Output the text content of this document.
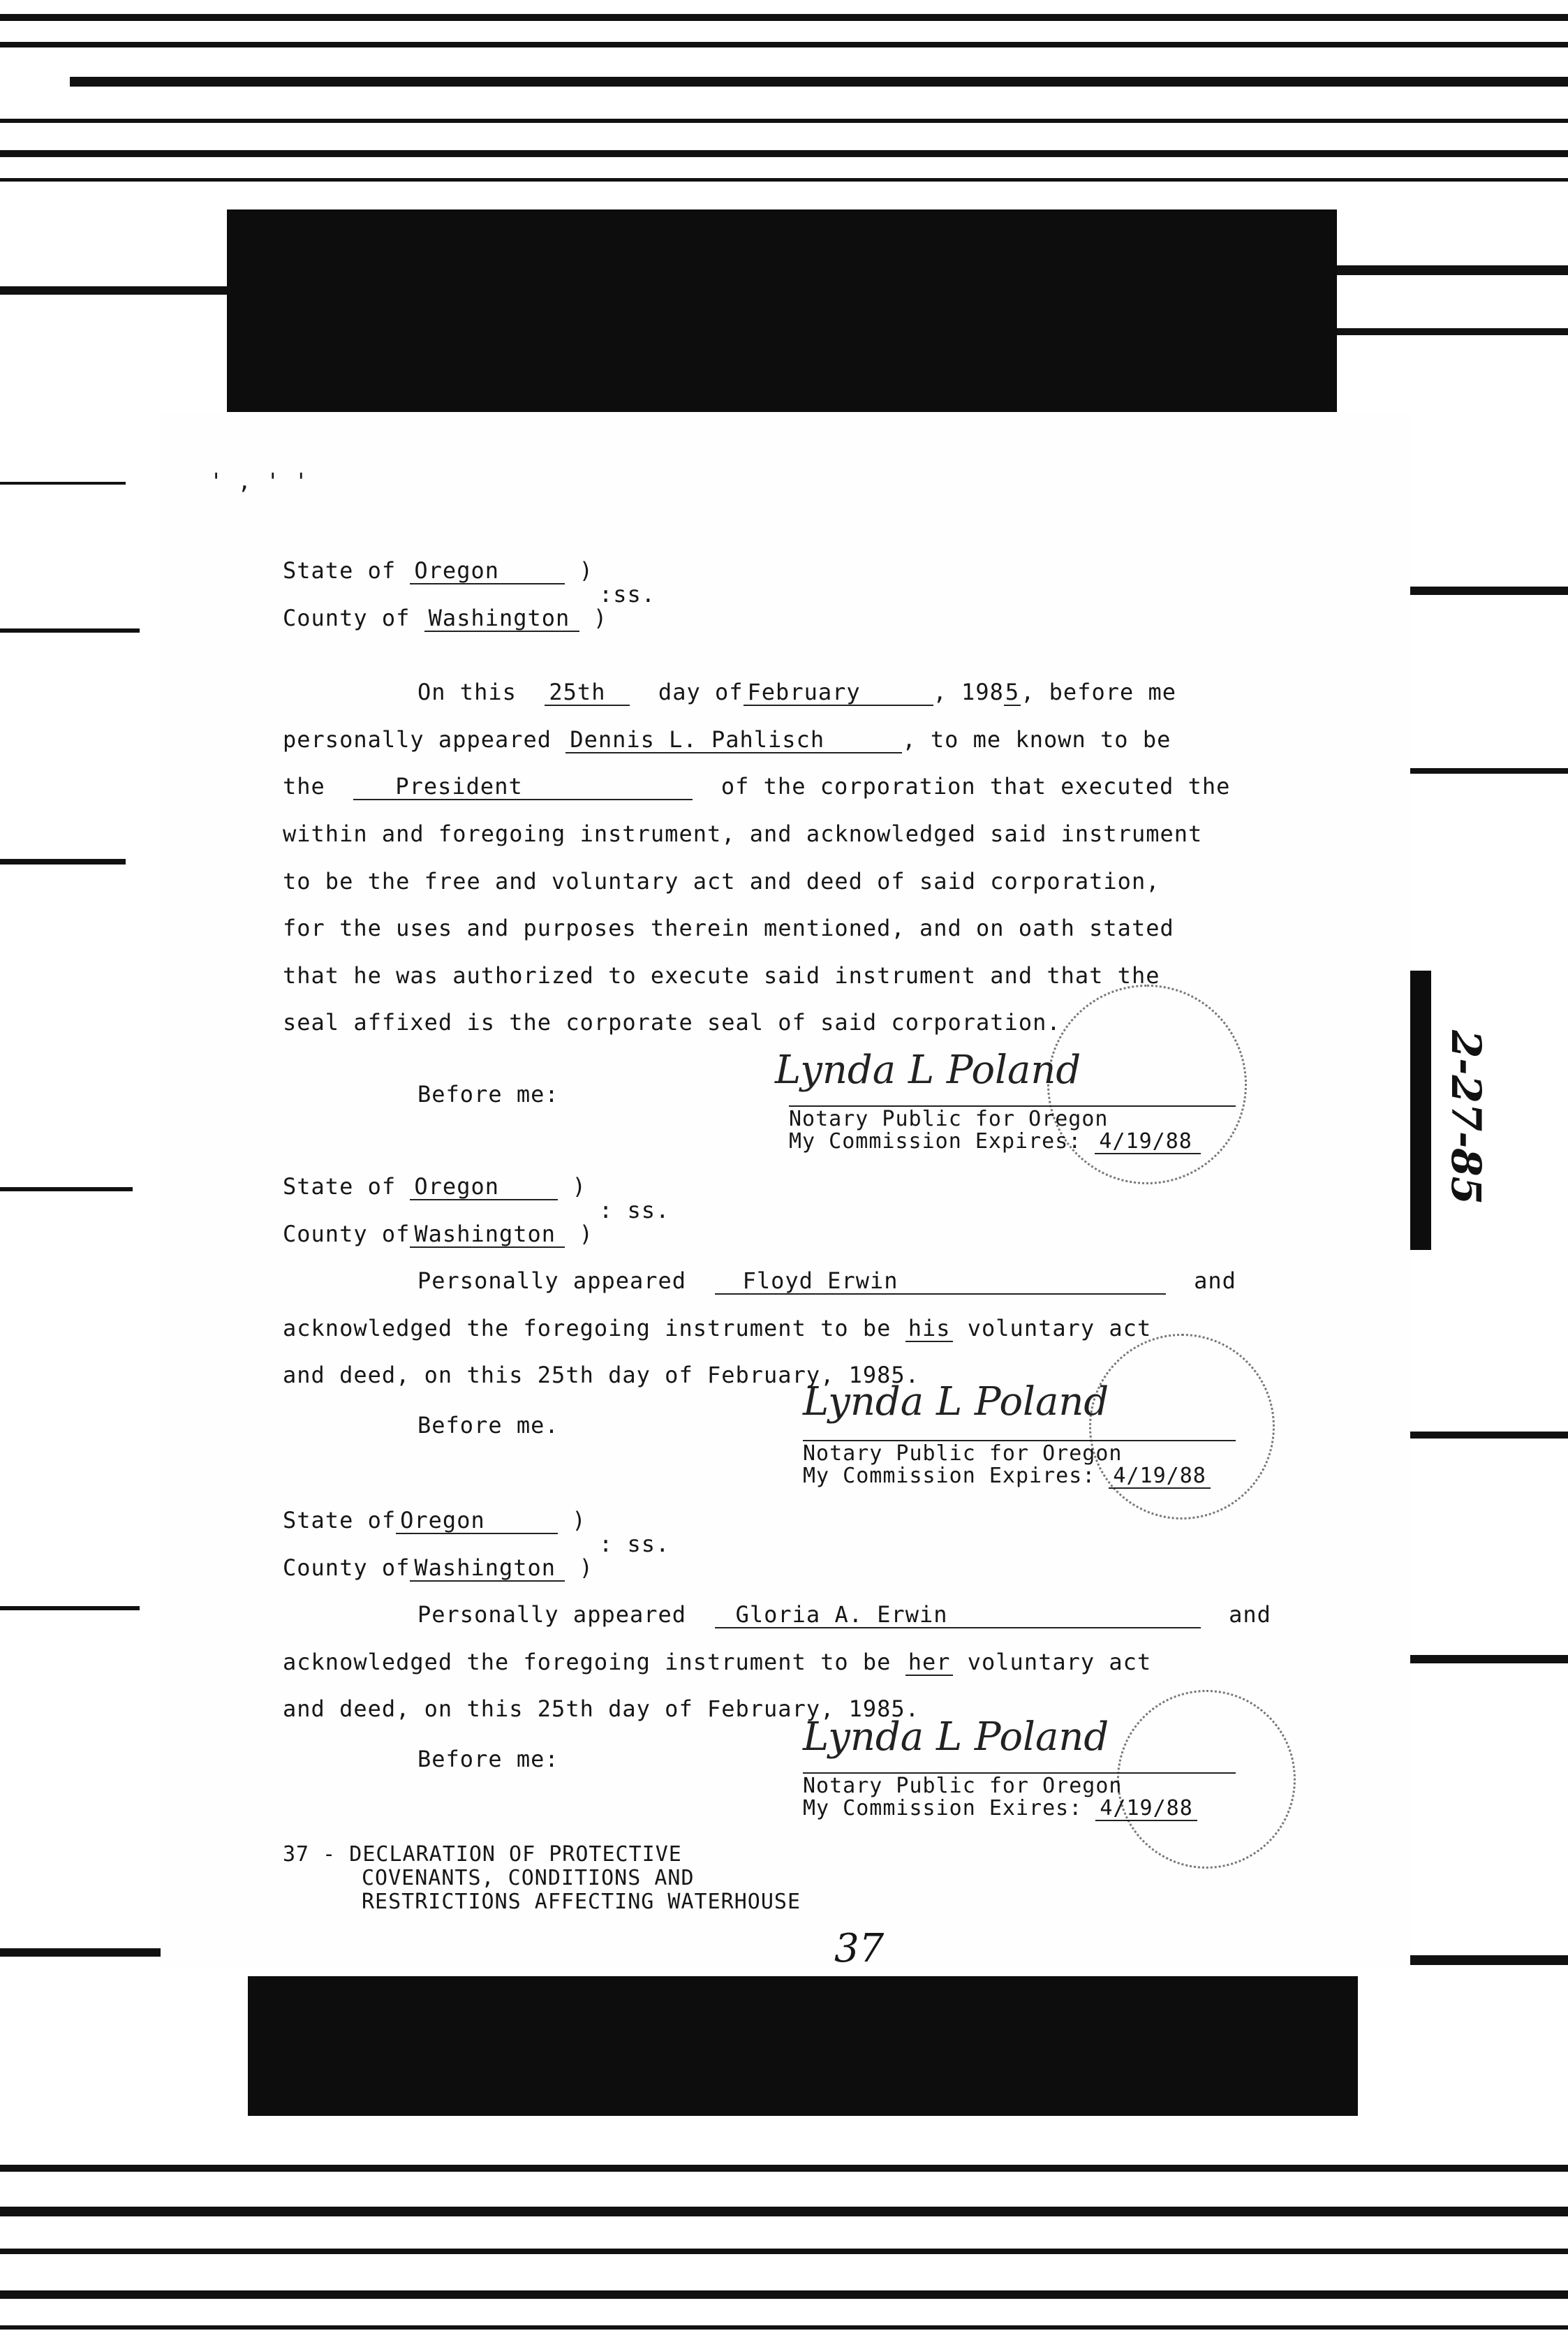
' , ' '
State of Oregon	)
:ss.
County of Washington )
On this 25th day of February	, 1985, before me
personally appeared Dennis L. Pahlisch	, to me known to be
the	President	of the corporation that executed the
within and foregoing instrument, and acknowledged said instrument
to be the free and voluntary act and deed of said corporation,
for the uses and purposes therein mentioned, and on oath stated
that he was authorized to execute said instrument and that the
seal affixed is the corporate seal of said corporation.
Before me:
Lynda L Poland
Notary Public for Oregon
My Commission Expires: 4/19/88
State of Oregon	)
: ss.
County of Washington )
Personally appeared	Floyd Erwin	and
acknowledged the foregoing instrument to be his voluntary act
and deed, on this 25th day of February, 1985.
Before me.
Lynda L Poland
Notary Public for Oregon
My Commission Expires: 4/19/88
State of Oregon	)
: ss.
County of Washington )
Personally appeared Gloria A. Erwin	and
acknowledged the foregoing instrument to be her voluntary act
and deed, on this 25th day of February, 1985.
Before me:	Lynda L Poland
Notary Public for Oregon
My Commission Exires: 4/19/88
37 - DECLARATION OF PROTECTIVE
COVENANTS, CONDITIONS AND
RESTRICTIONS AFFECTING WATERHOUSE
37
2-27-85
